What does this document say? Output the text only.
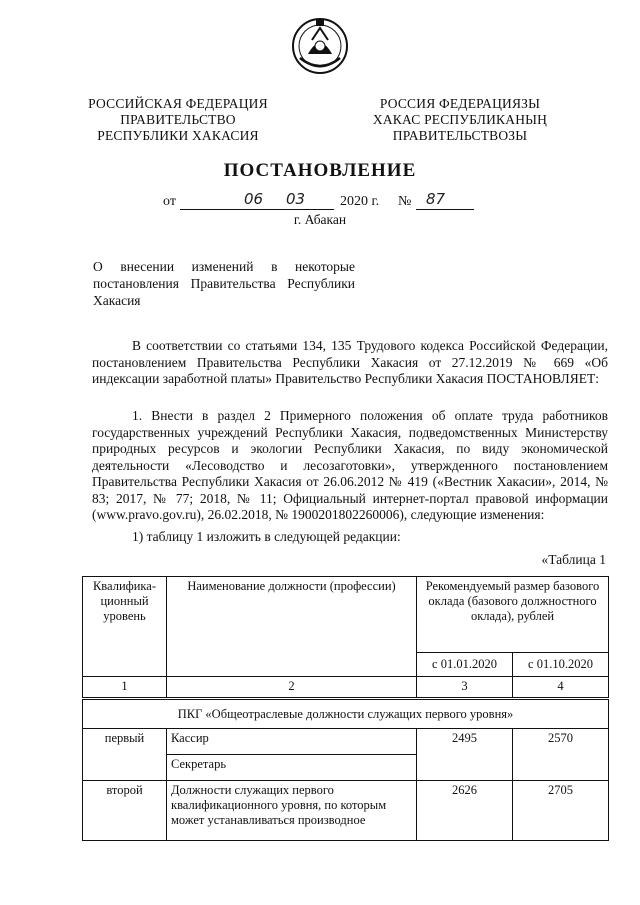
РОССИЙСКАЯ ФЕДЕРАЦИЯ
ПРАВИТЕЛЬСТВО
РЕСПУБЛИКИ ХАКАСИЯ
РОССИЯ ФЕДЕРАЦИЯЗЫ
ХАКАС РЕСПУБЛИКАНЫҢ
ПРАВИТЕЛЬСТВОЗЫ
ПОСТАНОВЛЕНИЕ
от	06 03 2020 г. № 87
г. Абакан
О внесении изменений в некоторые постановления Правительства Республики Хакасия
В соответствии со статьями 134, 135 Трудового кодекса Российской Федерации, постановлением Правительства Республики Хакасия от 27.12.2019 № 669 «Об индексации заработной платы» Правительство Республики Хакасия ПОСТАНОВЛЯЕТ:
1. Внести в раздел 2 Примерного положения об оплате труда работников государственных учреждений Республики Хакасия, подведомственных Министерству природных ресурсов и экологии Республики Хакасия, по виду экономической деятельности «Лесоводство и лесозаготовки», утвержденного постановлением Правительства Республики Хакасия от 26.06.2012 № 419 («Вестник Хакасии», 2014, № 83; 2017, № 77; 2018, № 11; Официальный интернет-портал правовой информации (www.pravo.gov.ru), 26.02.2018, № 1900201802260006), следующие изменения:
1) таблицу 1 изложить в следующей редакции:
«Таблица 1
Квалифика-ционный уровень	Наименование должности (профессии)	Рекомендуемый размер базового оклада (базового должностного оклада), рублей	
		с 01.01.2020	с 01.10.2020
1	2	3	4
ПКГ «Общеотраслевые должности служащих первого уровня»			
первый	Кассир	2495	2570
	Секретарь		
второй	Должности служащих первого квалификационного уровня, по которым может устанавливаться производное	2626	2705
